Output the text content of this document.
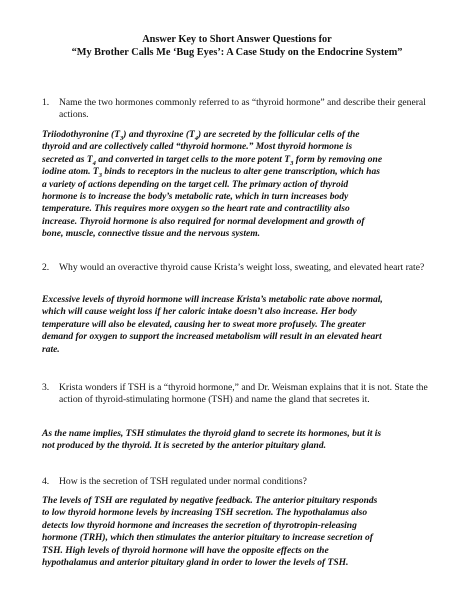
Answer Key to Short Answer Questions for
“My Brother Calls Me ‘Bug Eyes’: A Case Study on the Endocrine System”
1. Name the two hormones commonly referred to as “thyroid hormone” and describe their general actions.
Triiodothyronine $(T_3)$ and thyroxine $(T_4)$ are secreted by the follicular cells of the
thyroid and are collectively called “thyroid hormone.” Most thyroid hormone is
secreted as $T_4$ and converted in target cells to the more potent $T_3$ form by removing one
iodine atom. $T_3$ binds to receptors in the nucleus to alter gene transcription, which has
a variety of actions depending on the target cell. The primary action of thyroid
hormone is to increase the body’s metabolic rate, which in turn increases body
temperature. This requires more oxygen so the heart rate and contractility also
increase. Thyroid hormone is also required for normal development and growth of
bone, muscle, connective tissue and the nervous system.
2. Why would an overactive thyroid cause Krista’s weight loss, sweating, and elevated heart rate?
Excessive levels of thyroid hormone will increase Krista’s metabolic rate above normal,
which will cause weight loss if her caloric intake doesn’t also increase. Her body
temperature will also be elevated, causing her to sweat more profusely. The greater
demand for oxygen to support the increased metabolism will result in an elevated heart
rate.
3. Krista wonders if TSH is a “thyroid hormone,” and Dr. Weisman explains that it is not. State the action of thyroid-stimulating hormone (TSH) and name the gland that secretes it.
As the name implies, TSH stimulates the thyroid gland to secrete its hormones, but it is
not produced by the thyroid. It is secreted by the anterior pituitary gland.
4. How is the secretion of TSH regulated under normal conditions?
The levels of TSH are regulated by negative feedback. The anterior pituitary responds
to low thyroid hormone levels by increasing TSH secretion. The hypothalamus also
detects low thyroid hormone and increases the secretion of thyrotropin-releasing
hormone (TRH), which then stimulates the anterior pituitary to increase secretion of
TSH. High levels of thyroid hormone will have the opposite effects on the
hypothalamus and anterior pituitary gland in order to lower the levels of TSH.
